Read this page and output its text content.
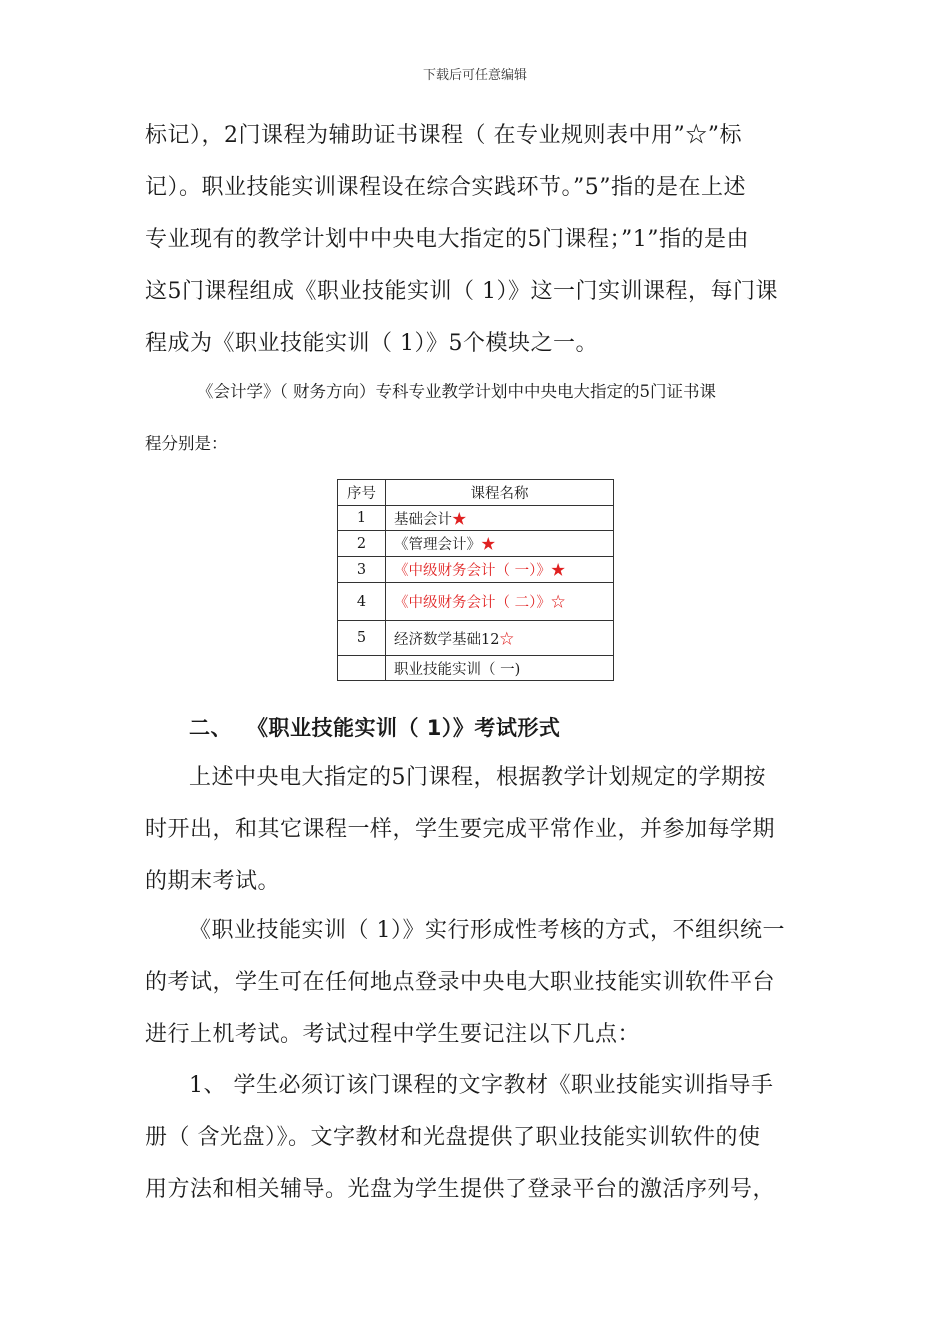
下载后可任意编辑
标记），2门课程为辅助证书课程（ 在专业规则表中用”☆”标
记）。职业技能实训课程设在综合实践环节。”5”指的是在上述
专业现有的教学计划中中央电大指定的5门课程；”1”指的是由
这5门课程组成《职业技能实训（ 1）》这一门实训课程，每门课
程成为《职业技能实训（ 1）》5个模块之一。
《会计学》（ 财务方向）专科专业教学计划中中央电大指定的5门证书课
程分别是：
序号	课程名称
1	基础会计★
2	《管理会计》★
3	《中级财务会计（ 一）》★
4	《中级财务会计（ 二）》☆
5	经济数学基础12☆
	职业技能实训（ 一)
二、 《职业技能实训（ 1）》考试形式
上述中央电大指定的5门课程，根据教学计划规定的学期按
时开出，和其它课程一样，学生要完成平常作业，并参加每学期
的期末考试。
《职业技能实训（ 1）》实行形成性考核的方式，不组织统一
的考试，学生可在任何地点登录中央电大职业技能实训软件平台
进行上机考试。考试过程中学生要记注以下几点：
1、 学生必须订该门课程的文字教材《职业技能实训指导手
册（ 含光盘）》。文字教材和光盘提供了职业技能实训软件的使
用方法和相关辅导。光盘为学生提供了登录平台的激活序列号，
